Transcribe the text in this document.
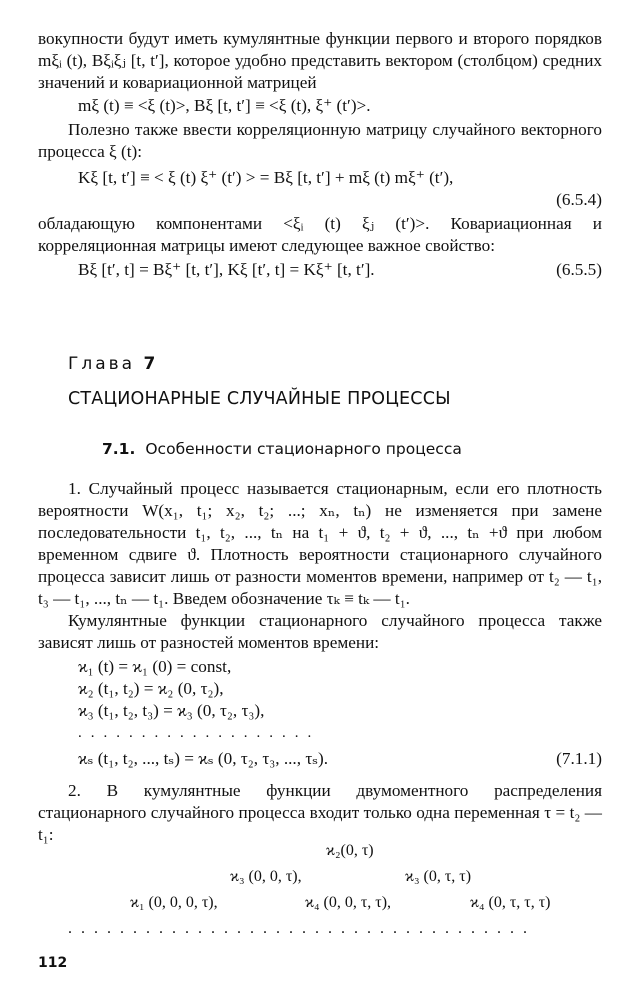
вокупности будут иметь кумулянтные функции первого и второго порядков mξᵢ (t), Bξᵢξⱼ [t, t′], которое удобно представить вектором (столбцом) средних значений и ковариационной матрицей

mξ (t) ≡ <ξ (t)>, Bξ [t, t′] ≡ <ξ (t), ξ⁺ (t′)>.

Полезно также ввести корреляционную матрицу случайного векторного процесса ξ (t):

Kξ [t, t′] ≡ < ξ (t) ξ⁺ (t′) > = Bξ [t, t′] + mξ (t) mξ⁺ (t′),
(6.5.4)

обладающую компонентами <ξᵢ (t) ξⱼ (t′)>. Ковариационная и корреляционная матрицы имеют следующее важное свойство:

Bξ [t′, t] = Bξ⁺ [t, t′], Kξ [t′, t] = Kξ⁺ [t, t′].	(6.5.5)
Глава 7
СТАЦИОНАРНЫЕ СЛУЧАЙНЫЕ ПРОЦЕССЫ
7.1. Особенности стационарного процесса

1. Случайный процесс называется стационарным, если его плотность вероятности W(x₁, t₁; x₂, t₂; ...; xₙ, tₙ) не изменяется при замене последовательности t₁, t₂, ..., tₙ на t₁ + ϑ, t₂ + ϑ, ..., tₙ +ϑ при любом временном сдвиге ϑ. Плотность вероятности стационарного случайного процесса зависит лишь от разности моментов времени, например от t₂ — t₁, t₃ — t₁, ..., tₙ — t₁. Введем обозначение τₖ ≡ tₖ — t₁.

Кумулянтные функции стационарного случайного процесса также зависят лишь от разностей моментов времени:

ϰ₁ (t) = ϰ₁ (0) = const,
ϰ₂ (t₁, t₂) = ϰ₂ (0, τ₂),
ϰ₃ (t₁, t₂, t₃) = ϰ₃ (0, τ₂, τ₃),
...................
ϰₛ (t₁, t₂, ..., tₛ) = ϰₛ (0, τ₂, τ₃, ..., τₛ).	(7.1.1)

2. В кумулянтные функции двумоментного распределения стационарного случайного процесса входит только одна переменная τ = t₂ — t₁:

ϰ₂(0, τ)
ϰ₃ (0, 0, τ),	ϰ₃ (0, τ, τ)
ϰ₁ (0, 0, 0, τ),	ϰ₄ (0, 0, τ, τ),	ϰ₄ (0, τ, τ, τ)
....................................
112
